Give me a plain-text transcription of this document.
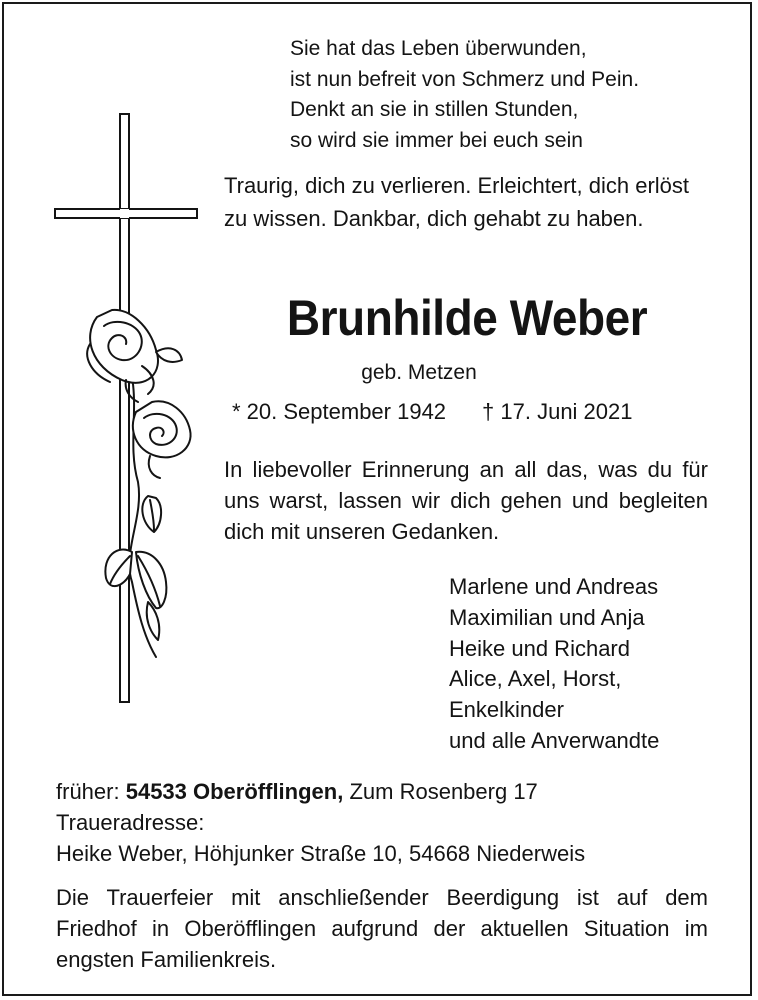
Sie hat das Leben überwunden,
ist nun befreit von Schmerz und Pein.
Denkt an sie in stillen Stunden,
so wird sie immer bei euch sein
Traurig, dich zu verlieren. Erleichtert, dich erlöst zu wissen. Dankbar, dich gehabt zu haben.
Brunhilde Weber
geb. Metzen
* 20. September 1942 † 17. Juni 2021
In liebevoller Erinnerung an all das, was du für uns warst, lassen wir dich gehen und begleiten dich mit unseren Gedanken.
Marlene und Andreas
Maximilian und Anja
Heike und Richard
Alice, Axel, Horst,
Enkelkinder
und alle Anverwandte
früher: 54533 Oberöfflingen, Zum Rosenberg 17
Traueradresse:
Heike Weber, Höhjunker Straße 10, 54668 Niederweis
Die Trauerfeier mit anschließender Beerdigung ist auf dem Friedhof in Oberöfflingen aufgrund der aktuellen Situation im engsten Familienkreis.
